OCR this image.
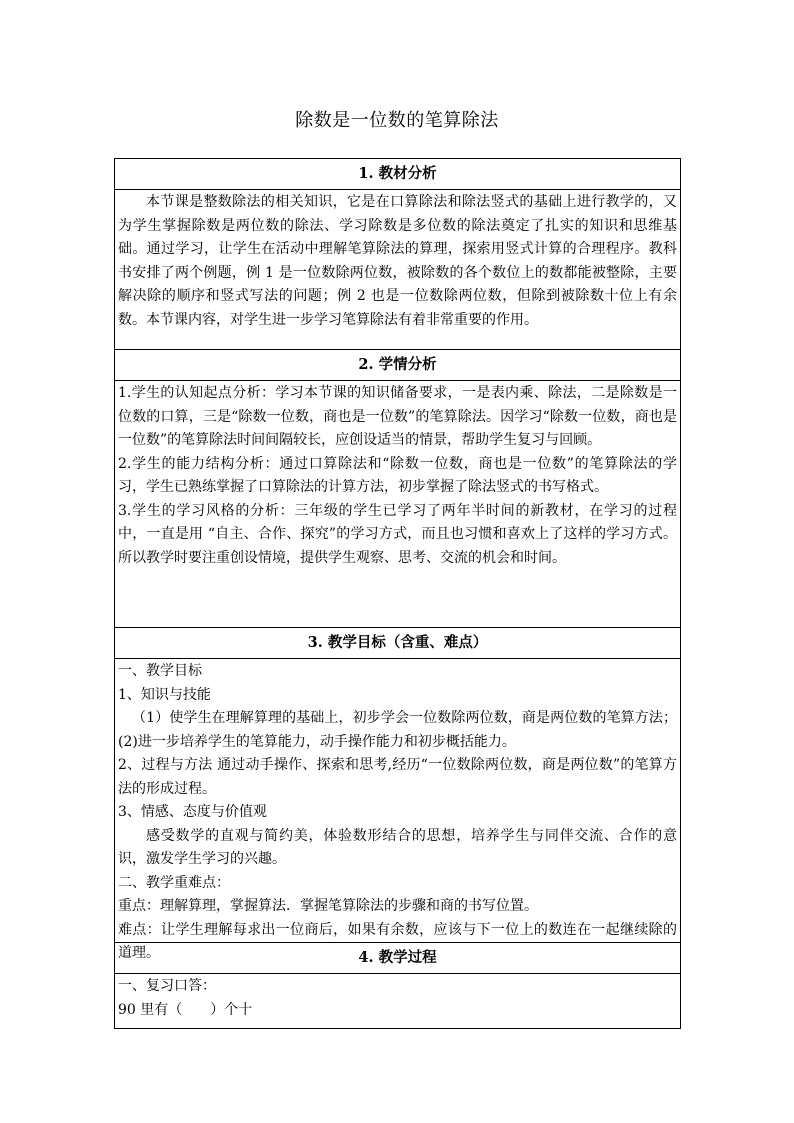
除数是一位数的笔算除法
1. 教材分析

本节课是整数除法的相关知识，它是在口算除法和除法竖式的基础上进行教学的，又为学生掌握除数是两位数的除法、学习除数是多位数的除法奠定了扎实的知识和思维基础。通过学习，让学生在活动中理解笔算除法的算理，探索用竖式计算的合理程序。教科书安排了两个例题，例 1 是一位数除两位数，被除数的各个数位上的数都能被整除，主要解决除的顺序和竖式写法的问题；例 2 也是一位数除两位数，但除到被除数十位上有余数。本节课内容，对学生进一步学习笔算除法有着非常重要的作用。

2. 学情分析

1.学生的认知起点分析：学习本节课的知识储备要求，一是表内乘、除法，二是除数是一位数的口算，三是“除数一位数，商也是一位数”的笔算除法。因学习“除数一位数，商也是一位数”的笔算除法时间间隔较长，应创设适当的情景，帮助学生复习与回顾。

2.学生的能力结构分析：通过口算除法和“除数一位数，商也是一位数”的笔算除法的学习，学生已熟练掌握了口算除法的计算方法，初步掌握了除法竖式的书写格式。

3.学生的学习风格的分析：三年级的学生已学习了两年半时间的新教材，在学习的过程中，一直是用 “自主、合作、探究”的学习方式，而且也习惯和喜欢上了这样的学习方式。所以教学时要注重创设情境，提供学生观察、思考、交流的机会和时间。

3. 教学目标（含重、难点）

一、教学目标

1、知识与技能

（1）使学生在理解算理的基础上，初步学会一位数除两位数，商是两位数的笔算方法；(2)进一步培养学生的笔算能力，动手操作能力和初步概括能力。

2、过程与方法 通过动手操作、探索和思考,经历“一位数除两位数，商是两位数”的笔算方法的形成过程。

3、情感、态度与价值观

感受数学的直观与简约美，体验数形结合的思想，培养学生与同伴交流、合作的意识，激发学生学习的兴趣。

二、教学重难点：

重点：理解算理，掌握算法．掌握笔算除法的步骤和商的书写位置。

难点：让学生理解每求出一位商后，如果有余数，应该与下一位上的数连在一起继续除的道理。	4. 教学过程

一、复习口答：

90 里有（　　）个十
